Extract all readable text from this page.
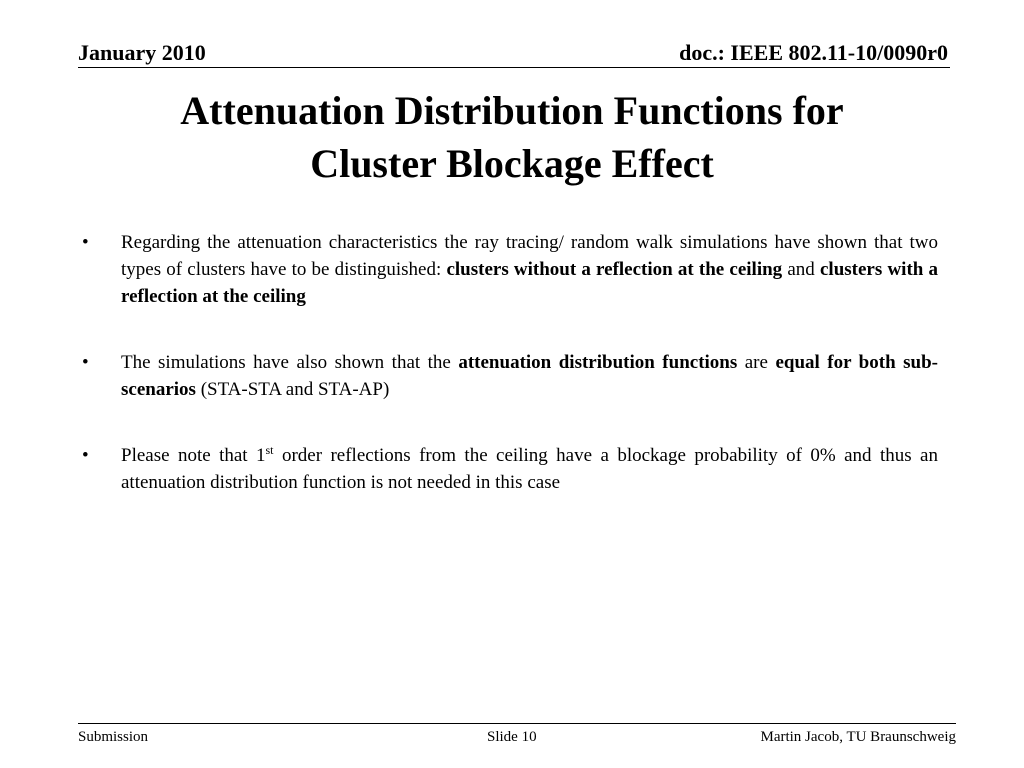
January 2010	doc.: IEEE 802.11-10/0090r0
Attenuation Distribution Functions for
Cluster Blockage Effect
•	Regarding the attenuation characteristics the ray tracing/ random walk simulations have shown that two types of clusters have to be distinguished: clusters without a reflection at the ceiling and clusters with a reflection at the ceiling
•	The simulations have also shown that the attenuation distribution functions are equal for both sub-scenarios (STA-STA and STA-AP)
•	Please note that 1st order reflections from the ceiling have a blockage probability of 0% and thus an attenuation distribution function is not needed in this case
Submission	Slide 10	Martin Jacob, TU Braunschweig
